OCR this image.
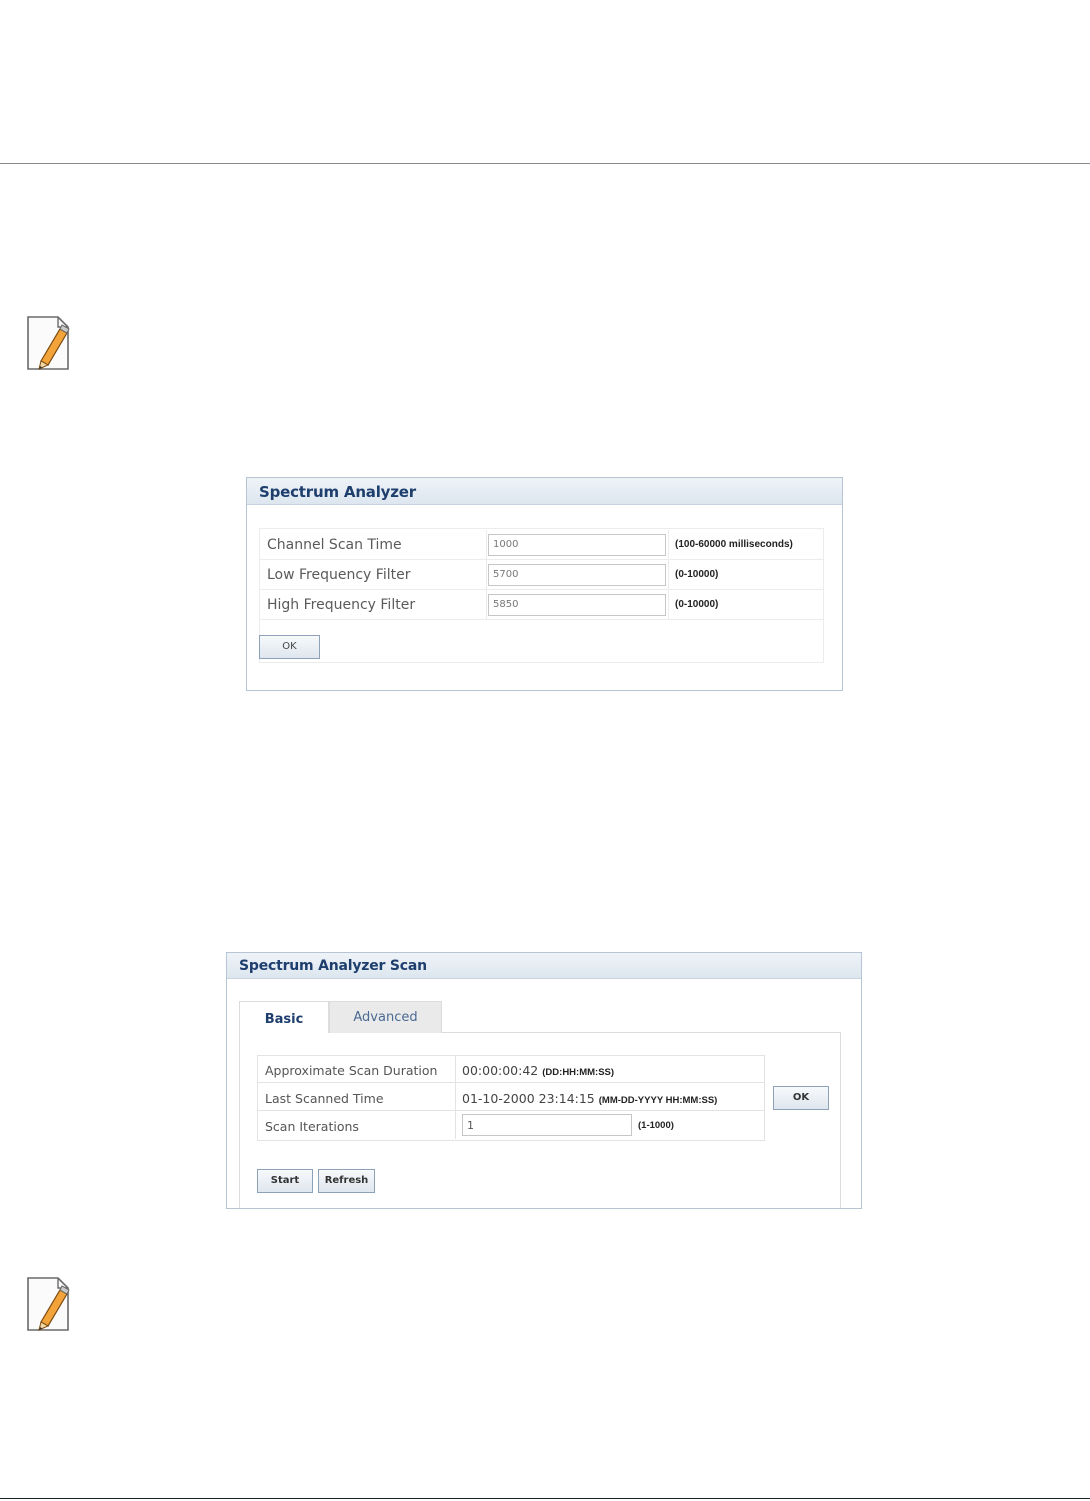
Spectrum Analyzer
Channel Scan Time	1000	(100-60000 milliseconds)
Low Frequency Filter	5700	(0-10000)
High Frequency Filter	5850	(0-10000)
OK
Spectrum Analyzer Scan
Basic	Advanced
Approximate Scan Duration 00:00:00:42 (DD:HH:MM:SS)
Last Scanned Time	01-10-2000 23:14:15 (MM-DD-YYYY HH:MM:SS)
Scan Iterations	1	(1-1000)
OK
Start	Refresh
